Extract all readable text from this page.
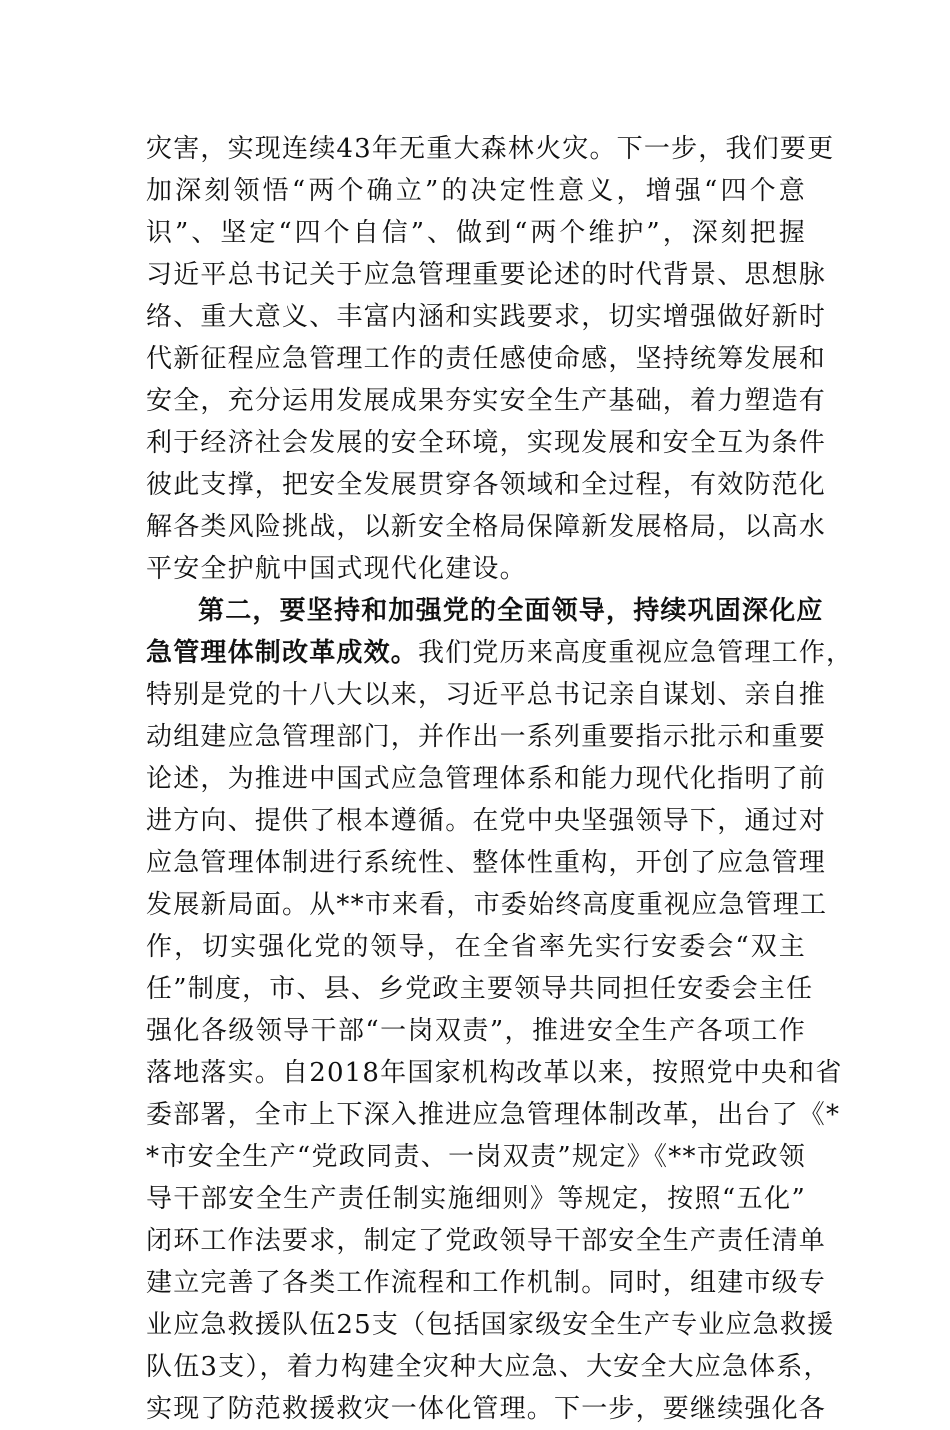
灾害，实现连续43年无重大森林火灾。下一步，我们要更
加深刻领悟“两个确立”的决定性意义，增强“四个意
识”、坚定“四个自信”、做到“两个维护”，深刻把握
习近平总书记关于应急管理重要论述的时代背景、思想脉
络、重大意义、丰富内涵和实践要求，切实增强做好新时
代新征程应急管理工作的责任感使命感，坚持统筹发展和
安全，充分运用发展成果夯实安全生产基础，着力塑造有
利于经济社会发展的安全环境，实现发展和安全互为条件
彼此支撑，把安全发展贯穿各领域和全过程，有效防范化
解各类风险挑战，以新安全格局保障新发展格局，以高水
平安全护航中国式现代化建设。
第二，要坚持和加强党的全面领导，持续巩固深化应
急管理体制改革成效。我们党历来高度重视应急管理工作，
特别是党的十八大以来，习近平总书记亲自谋划、亲自推
动组建应急管理部门，并作出一系列重要指示批示和重要
论述，为推进中国式应急管理体系和能力现代化指明了前
进方向、提供了根本遵循。在党中央坚强领导下，通过对
应急管理体制进行系统性、整体性重构，开创了应急管理
发展新局面。从**市来看，市委始终高度重视应急管理工
作，切实强化党的领导，在全省率先实行安委会“双主
任”制度，市、县、乡党政主要领导共同担任安委会主任
强化各级领导干部“一岗双责”，推进安全生产各项工作
落地落实。自2018年国家机构改革以来，按照党中央和省
委部署，全市上下深入推进应急管理体制改革，出台了《*
*市安全生产“党政同责、一岗双责”规定》《**市党政领
导干部安全生产责任制实施细则》等规定，按照“五化”
闭环工作法要求，制定了党政领导干部安全生产责任清单
建立完善了各类工作流程和工作机制。同时，组建市级专
业应急救援队伍25支（包括国家级安全生产专业应急救援
队伍3支），着力构建全灾种大应急、大安全大应急体系，
实现了防范救援救灾一体化管理。下一步，要继续强化各
